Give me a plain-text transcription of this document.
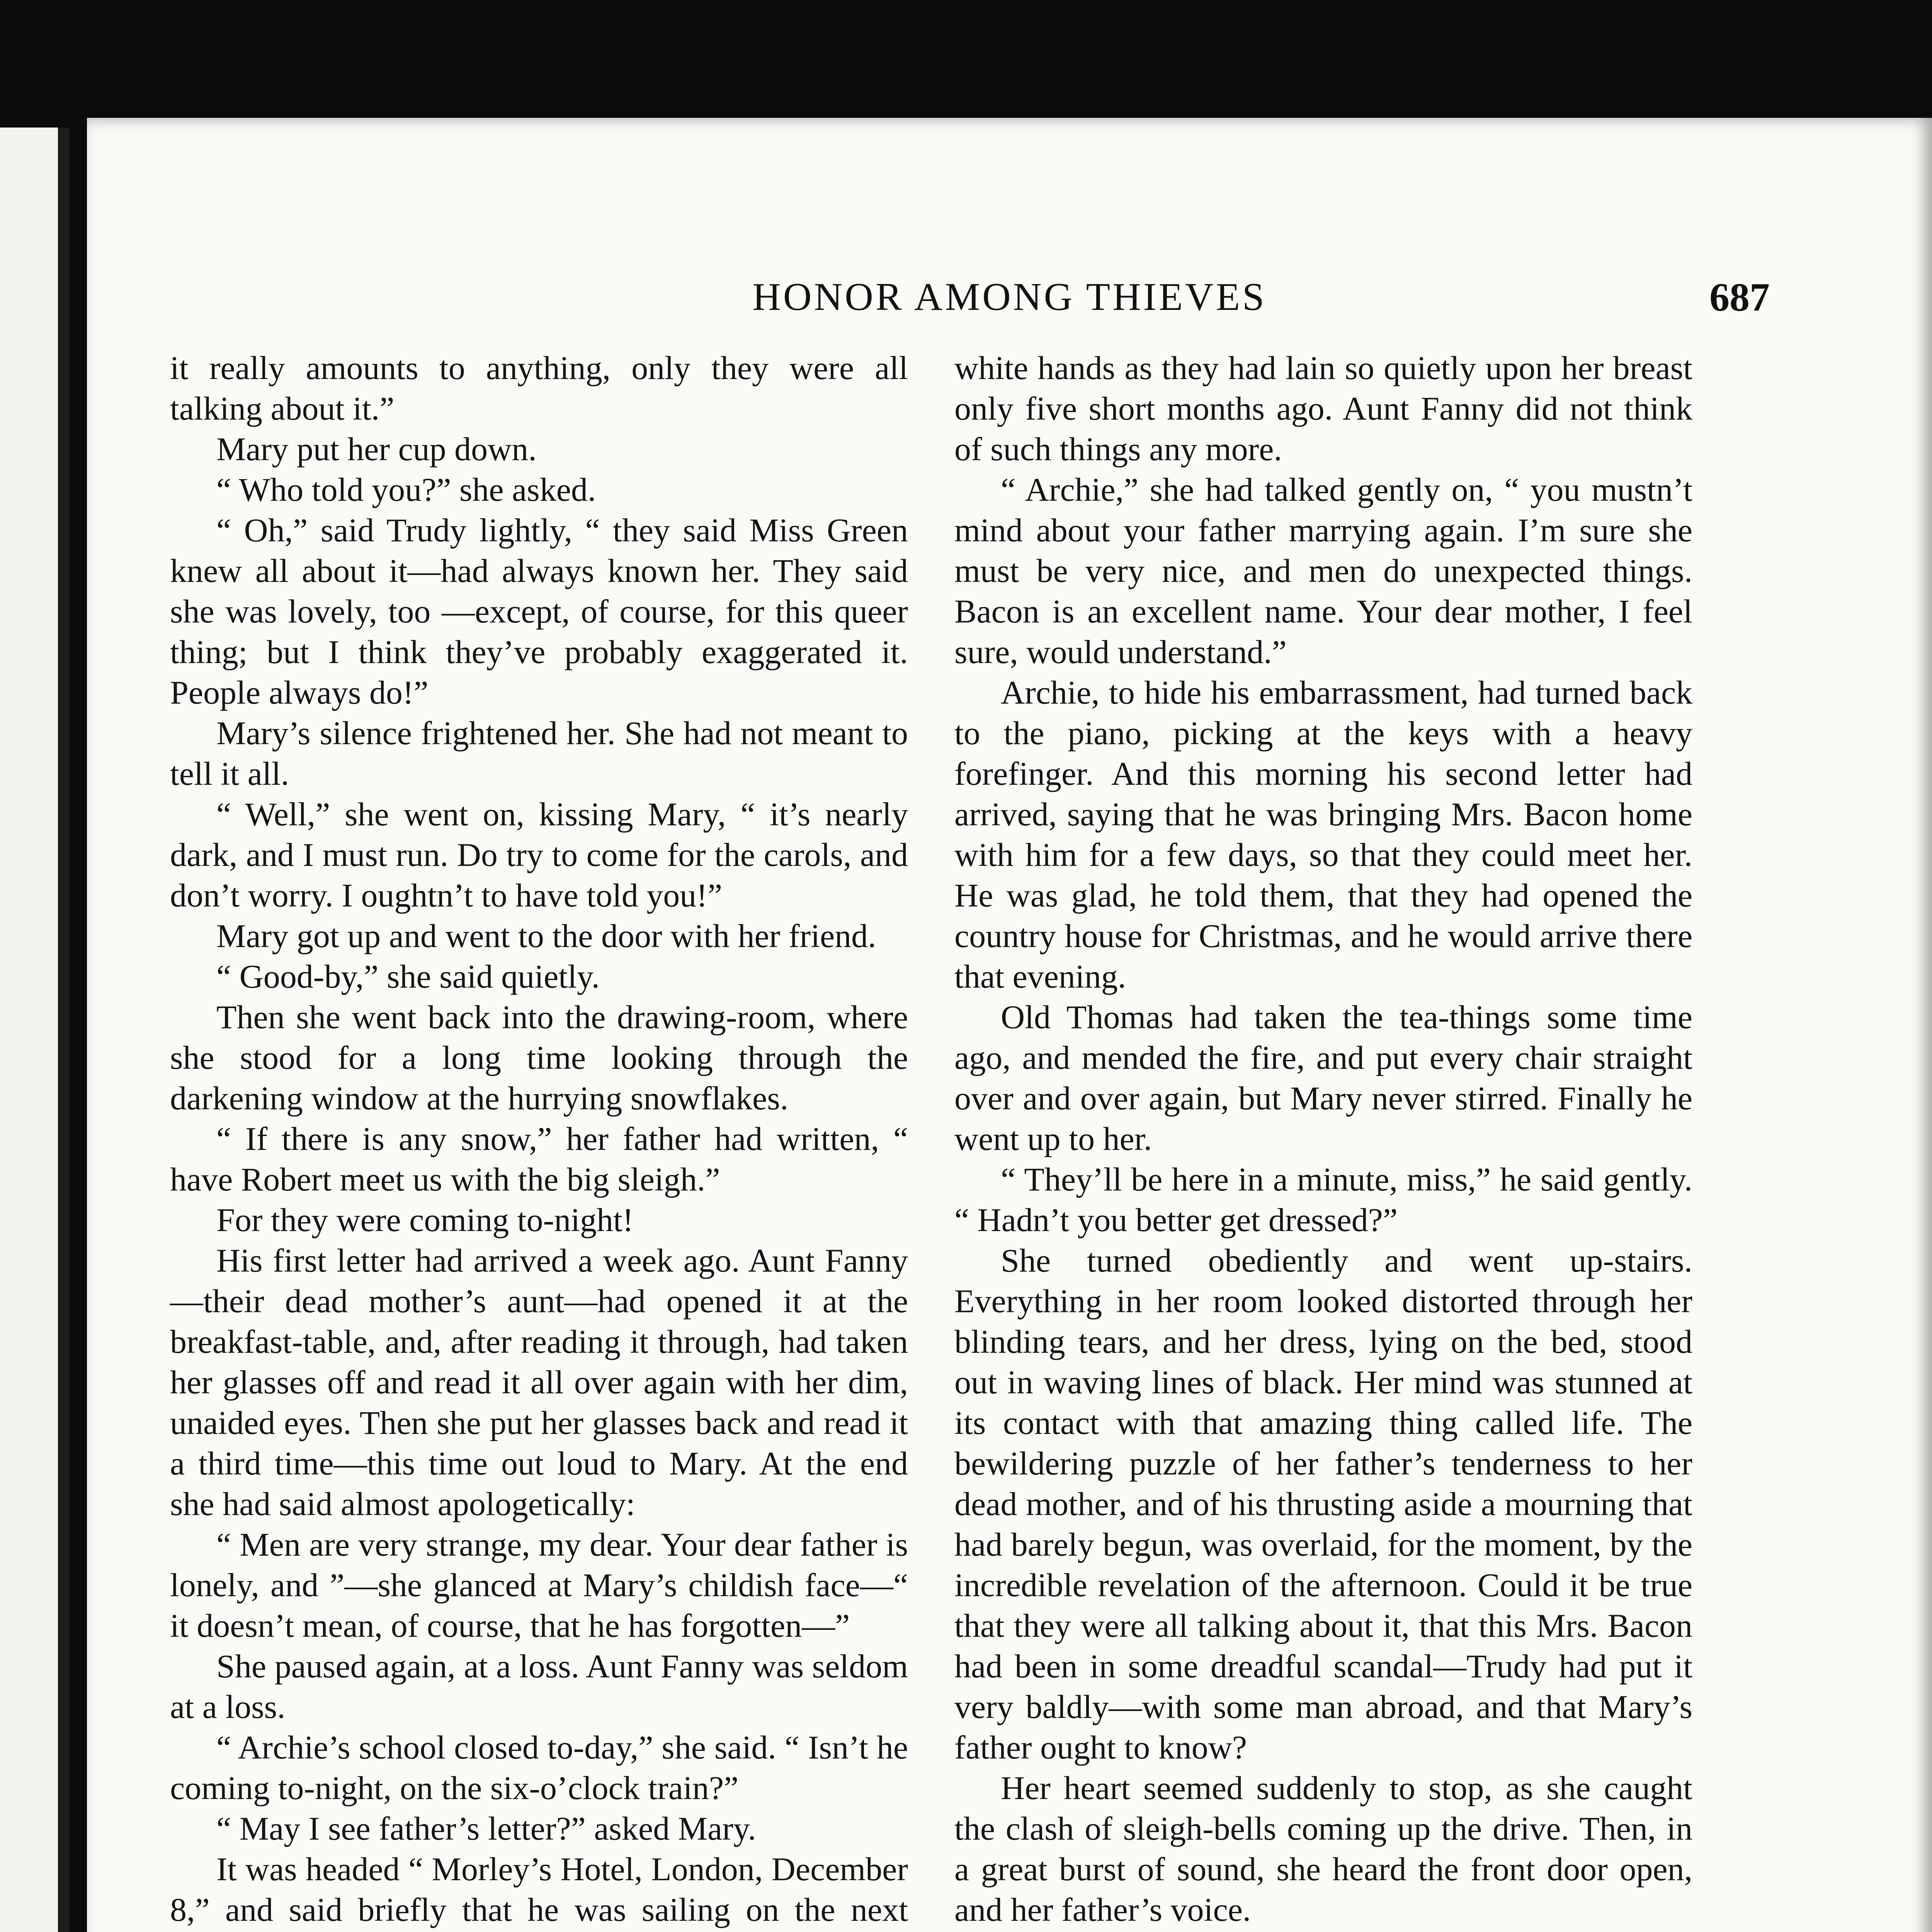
HONOR AMONG THIEVES	687

it really amounts to anything, only they were all talking about it.”

Mary put her cup down.

“ Who told you?” she asked.

“ Oh,” said Trudy lightly, “ they said Miss Green knew all about it—had always known her. They said she was lovely, too —except, of course, for this queer thing; but I think they’ve probably exaggerated it. People always do!”

Mary’s silence frightened her. She had not meant to tell it all.

“ Well,” she went on, kissing Mary, “ it’s nearly dark, and I must run. Do try to come for the carols, and don’t worry. I oughtn’t to have told you!”

Mary got up and went to the door with her friend.

“ Good-by,” she said quietly.

Then she went back into the drawing-room, where she stood for a long time looking through the darkening window at the hurrying snowflakes.

“ If there is any snow,” her father had written, “ have Robert meet us with the big sleigh.”

For they were coming to-night!

His first letter had arrived a week ago. Aunt Fanny—their dead mother’s aunt—had opened it at the breakfast-table, and, after reading it through, had taken her glasses off and read it all over again with her dim, unaided eyes. Then she put her glasses back and read it a third time—this time out loud to Mary. At the end she had said almost apologetically:

“ Men are very strange, my dear. Your dear father is lonely, and ”—she glanced at Mary’s childish face—“ it doesn’t mean, of course, that he has forgotten—”

She paused again, at a loss. Aunt Fanny was seldom at a loss.

“ Archie’s school closed to-day,” she said. “ Isn’t he coming to-night, on the six-o’clock train?”

“ May I see father’s letter?” asked Mary.

It was headed “ Morley’s Hotel, London, December 8,” and said briefly that he was sailing on the next

white hands as they had lain so quietly upon her breast only five short months ago. Aunt Fanny did not think of such things any more.

“ Archie,” she had talked gently on, “ you mustn’t mind about your father marrying again. I’m sure she must be very nice, and men do unexpected things. Bacon is an excellent name. Your dear mother, I feel sure, would understand.”

Archie, to hide his embarrassment, had turned back to the piano, picking at the keys with a heavy forefinger. And this morning his second letter had arrived, saying that he was bringing Mrs. Bacon home with him for a few days, so that they could meet her. He was glad, he told them, that they had opened the country house for Christmas, and he would arrive there that evening.

Old Thomas had taken the tea-things some time ago, and mended the fire, and put every chair straight over and over again, but Mary never stirred. Finally he went up to her.

“ They’ll be here in a minute, miss,” he said gently. “ Hadn’t you better get dressed?”

She turned obediently and went up-stairs. Everything in her room looked distorted through her blinding tears, and her dress, lying on the bed, stood out in waving lines of black. Her mind was stunned at its contact with that amazing thing called life. The bewildering puzzle of her father’s tenderness to her dead mother, and of his thrusting aside a mourning that had barely begun, was overlaid, for the moment, by the incredible revelation of the afternoon. Could it be true that they were all talking about it, that this Mrs. Bacon had been in some dreadful scandal—Trudy had put it very baldly—with some man abroad, and that Mary’s father ought to know?

Her heart seemed suddenly to stop, as she caught the clash of sleigh-bells coming up the drive. Then, in a great burst of sound, she heard the front door open, and her father’s voice.
